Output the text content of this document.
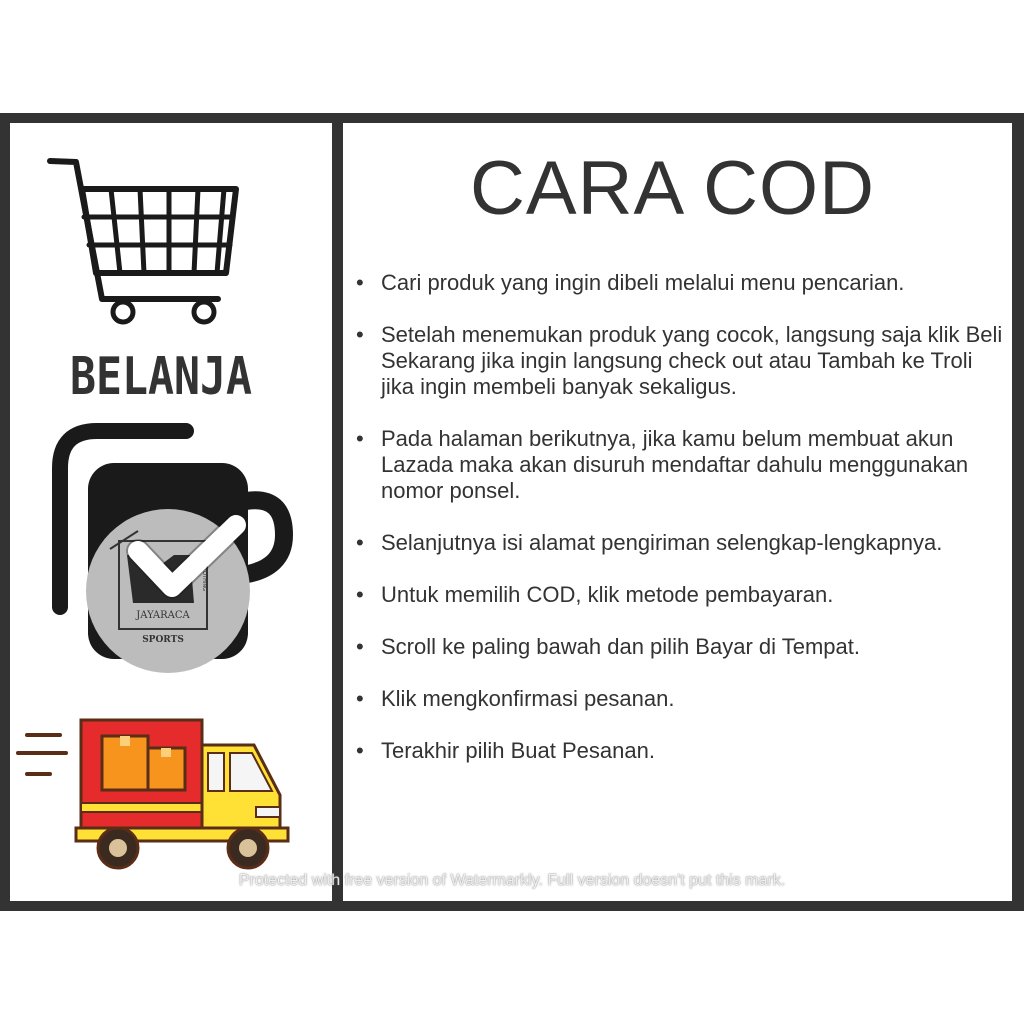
BELANJA
JAYARACA
SPORTS
CLOTHING
CARA COD
• Cari produk yang ingin dibeli melalui menu pencarian.
• Setelah menemukan produk yang cocok, langsung saja klik Beli Sekarang jika ingin langsung check out atau Tambah ke Troli jika ingin membeli banyak sekaligus.
• Pada halaman berikutnya, jika kamu belum membuat akun Lazada maka akan disuruh mendaftar dahulu menggunakan nomor ponsel.
• Selanjutnya isi alamat pengiriman selengkap-lengkapnya.
• Untuk memilih COD, klik metode pembayaran.
• Scroll ke paling bawah dan pilih Bayar di Tempat.
• Klik mengkonfirmasi pesanan.
• Terakhir pilih Buat Pesanan.
Protected with free version of Watermarkly. Full version doesn't put this mark.
